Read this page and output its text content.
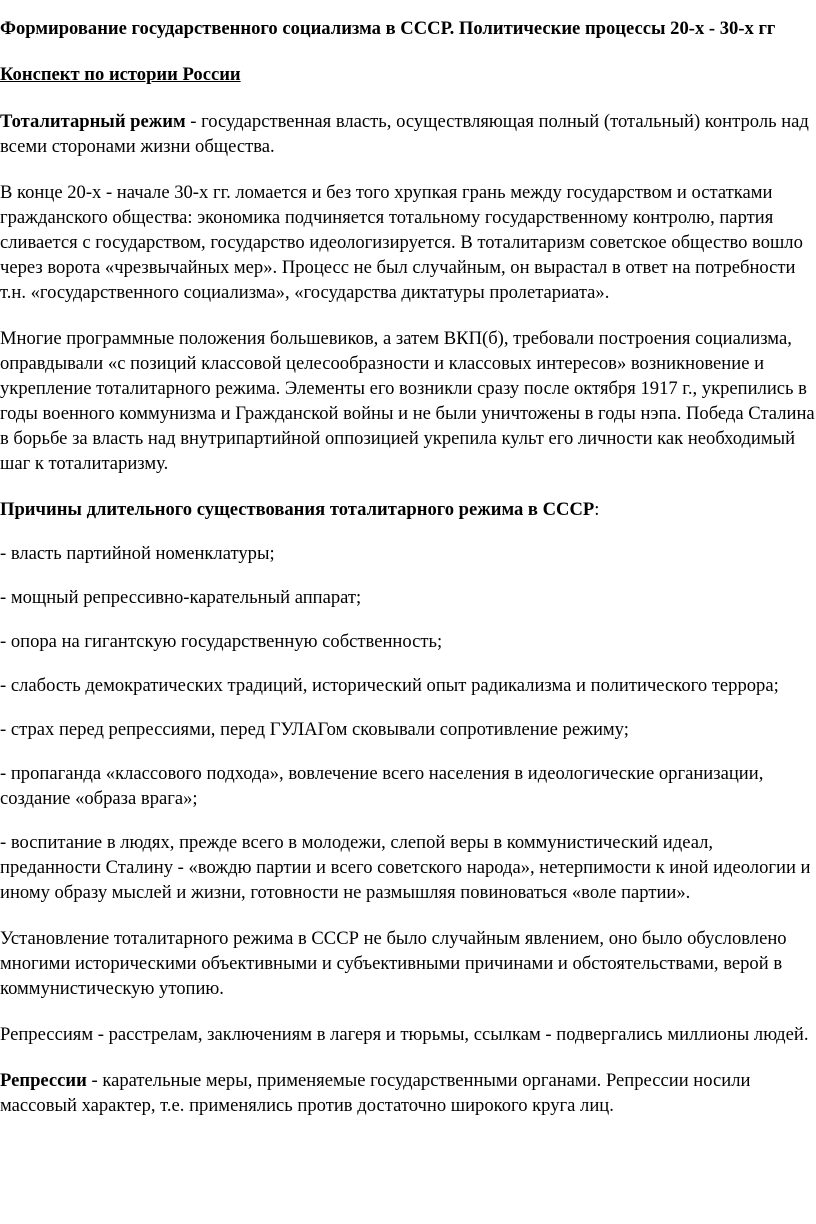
Формирование государственного социализма в СССР. Политические процессы 20-х - 30-х гг

Конспект по истории России

Тоталитарный режим - государственная власть, осуществляющая полный (тотальный) контроль над всеми сторонами жизни общества.

В конце 20-х - начале 30-х гг. ломается и без того хрупкая грань между государством и остатками гражданского общества: экономика подчиняется тотальному государственному контролю, партия сливается с государством, государство идеологизируется. В тоталитаризм советское общество вошло через ворота «чрезвычайных мер». Процесс не был случайным, он вырастал в ответ на потребности т.н. «государственного социализма», «государства диктатуры пролетариата».

Многие программные положения большевиков, а затем ВКП(б), требовали построения социализма, оправдывали «с позиций классовой целесообразности и классовых интересов» возникновение и укрепление тоталитарного режима. Элементы его возникли сразу после октября 1917 г., укрепились в годы военного коммунизма и Гражданской войны и не были уничтожены в годы нэпа. Победа Сталина в борьбе за власть над внутрипартийной оппозицией укрепила культ его личности как необходимый шаг к тоталитаризму.

Причины длительного существования тоталитарного режима в СССР:

- власть партийной номенклатуры;

- мощный репрессивно-карательный аппарат;

- опора на гигантскую государственную собственность;

- слабость демократических традиций, исторический опыт радикализма и политического террора;

- страх перед репрессиями, перед ГУЛАГом сковывали сопротивление режиму;

- пропаганда «классового подхода», вовлечение всего населения в идеологические организации, создание «образа врага»;

- воспитание в людях, прежде всего в молодежи, слепой веры в коммунистический идеал, преданности Сталину - «вождю партии и всего советского народа», нетерпимости к иной идеологии и иному образу мыслей и жизни, готовности не размышляя повиноваться «воле партии».

Установление тоталитарного режима в СССР не было случайным явлением, оно было обусловлено многими историческими объективными и субъективными причинами и обстоятельствами, верой в коммунистическую утопию.

Репрессиям - расстрелам, заключениям в лагеря и тюрьмы, ссылкам - подвергались миллионы людей.

Репрессии - карательные меры, применяемые государственными органами. Репрессии носили массовый характер, т.е. применялись против достаточно широкого круга лиц.
